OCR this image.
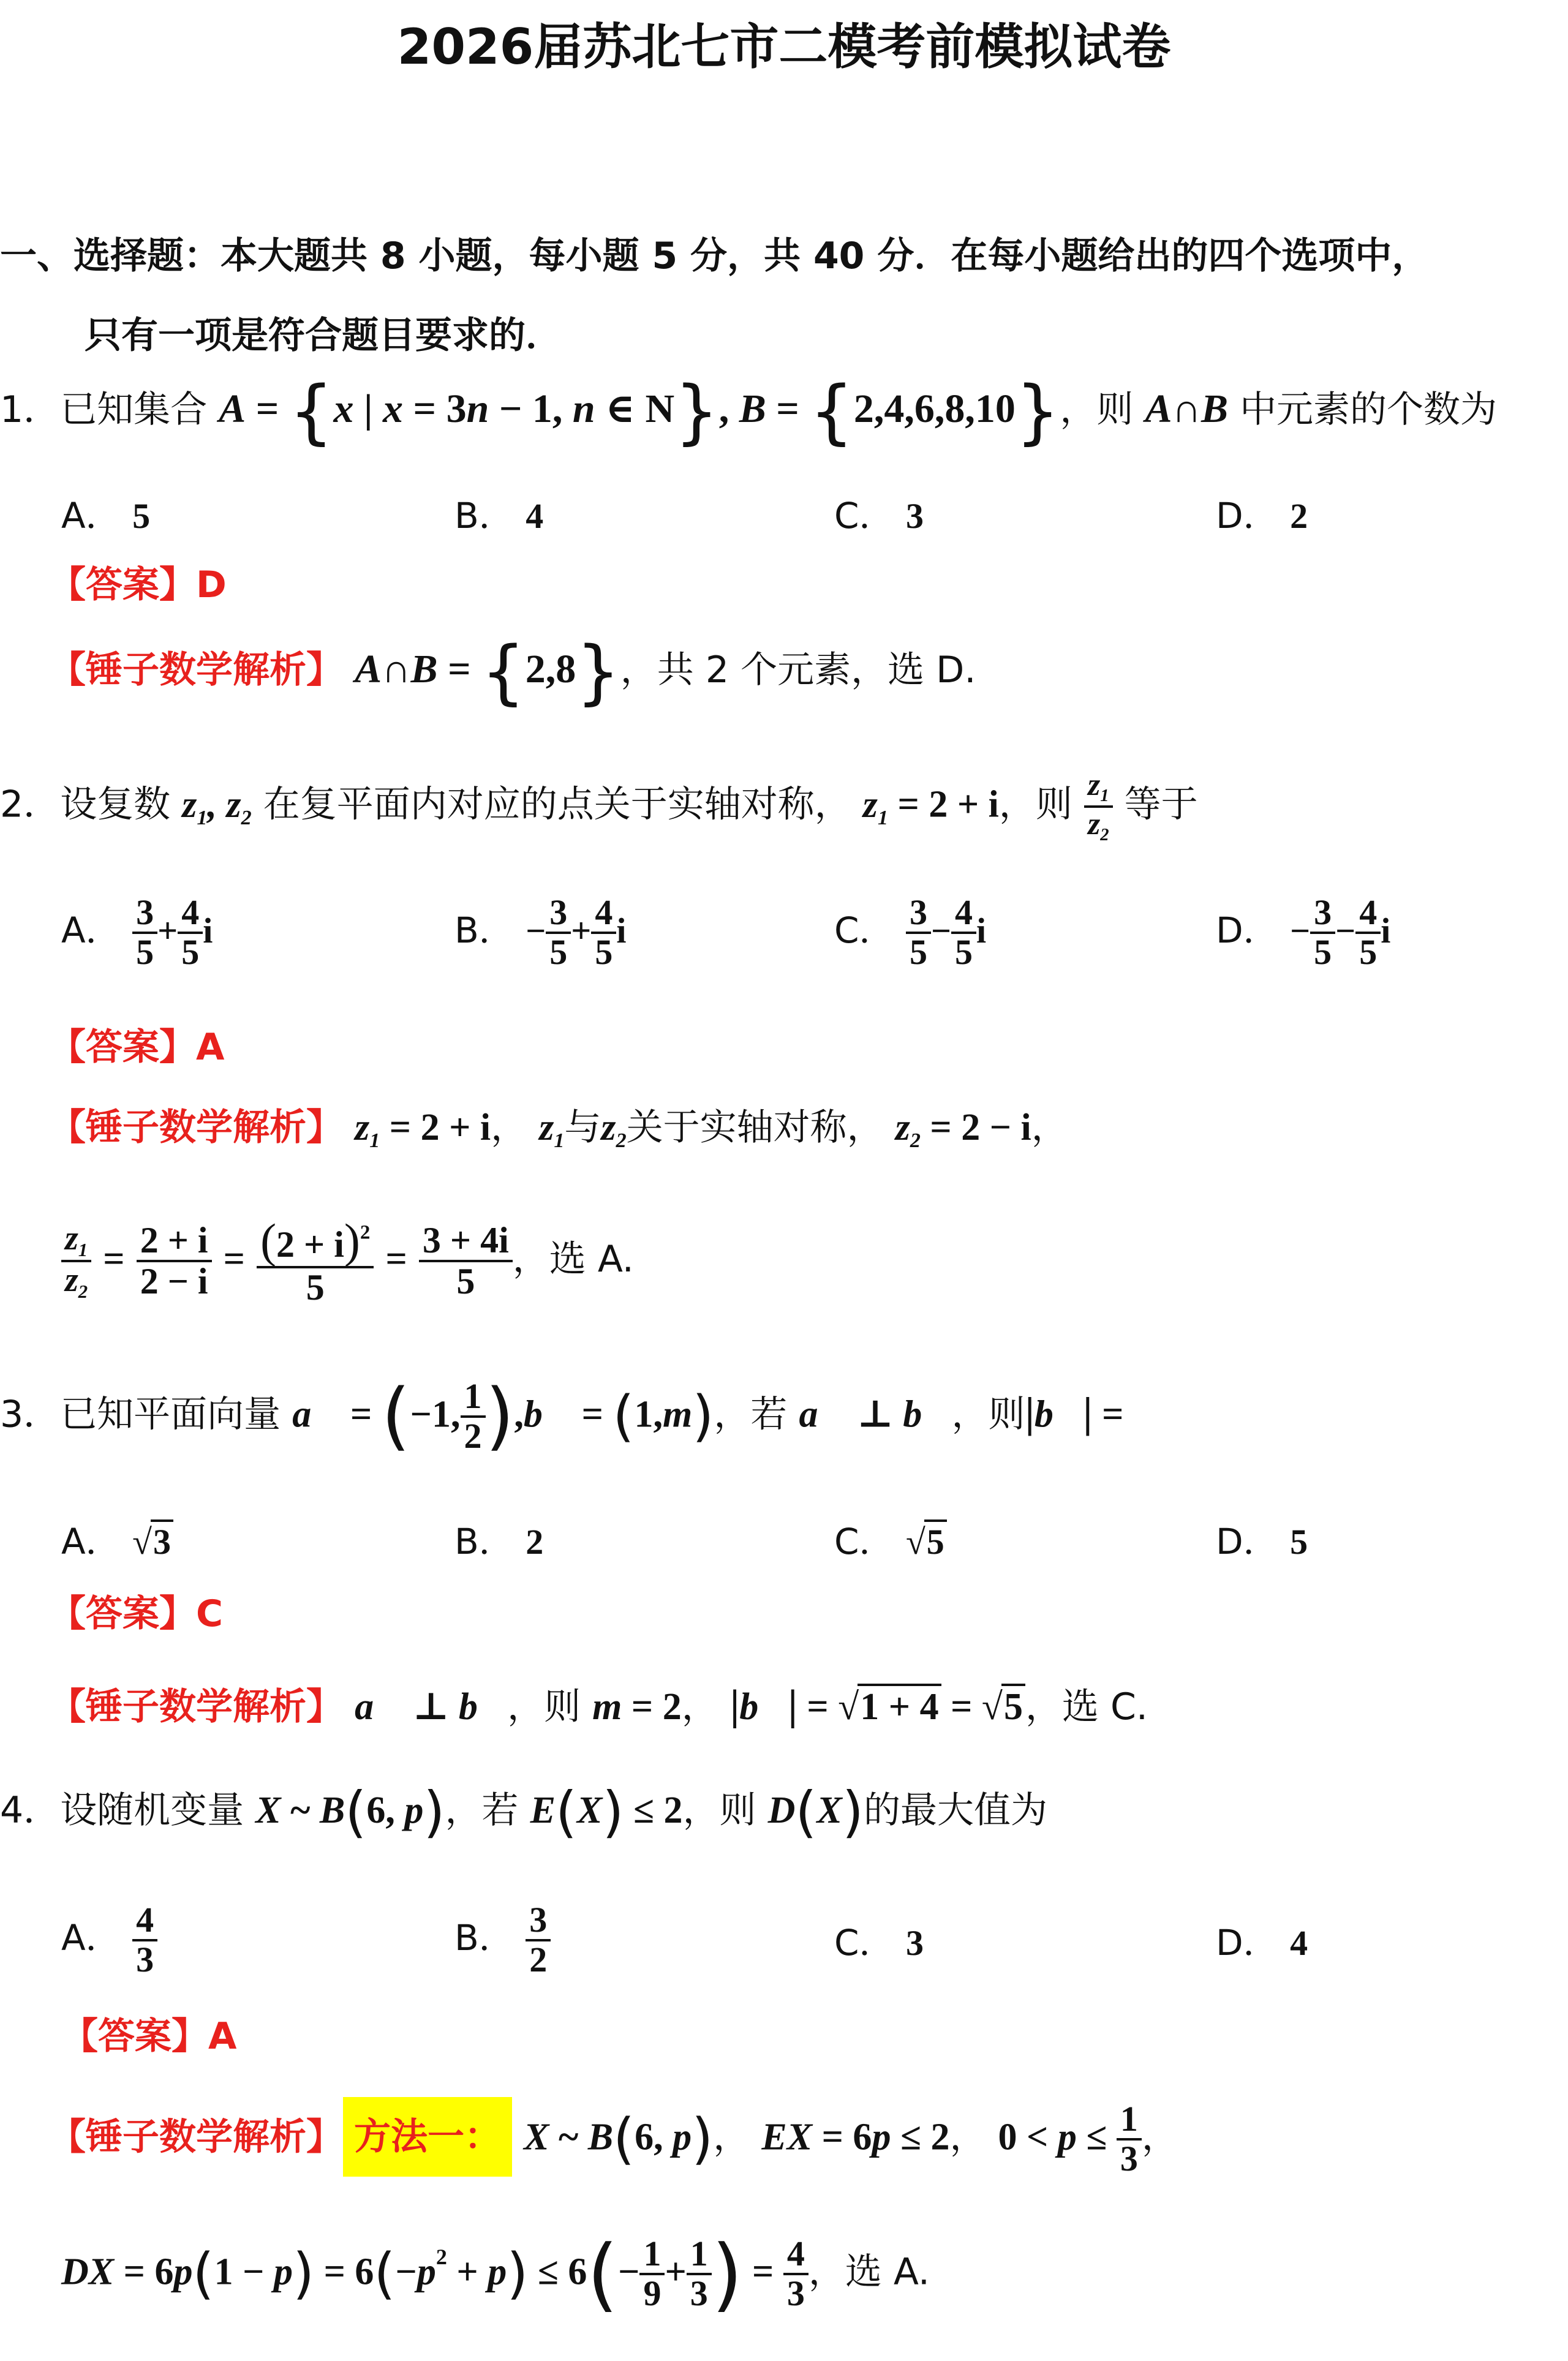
2026届苏北七市二模考前模拟试卷
一、选择题：本大题共 8 小题，每小题 5 分，共 40 分．在每小题给出的四个选项中，
只有一项是符合题目要求的．
1．已知集合 A = {x | x = 3n − 1, n ∈ N}, B = {2,4,6,8,10}，则 A∩B 中元素的个数为
A． 5	B． 4	C． 3	D． 2
【答案】D
【锤子数学解析】 A∩B = {2,8}，共 2 个元素，选 D.
2．设复数 $z_1$, $z_2$ 在复平面内对应的点关于实轴对称， $z_1 = 2 + i$，则 $\frac{z_1}{z_2}$ 等于
A． $\frac{3}{5} + \frac{4}{5}$ i	B． − $\frac{3}{5} + \frac{4}{5}$ i	C． $\frac{3}{5} - \frac{4}{5}$ i	D． − $\frac{3}{5} - \frac{4}{5}$ i
【答案】A
【锤子数学解析】 $z_1 = 2 + i$， $z_1$与$z_2$关于实轴对称， $z_2 = 2 - i$，
$\frac{z_1}{z_2} = \frac{2 + i}{2 - i} = \frac{(2 + i)^2}{5} = \frac{3 + 4i}{5}$ ，选 A.
3．已知平面向量 a⃗ = (−1, $\frac{1}{2}$ ),b⃗ = (1,m)，若 a⃗ ⊥ b⃗，则|b⃗| =
A． √3	B． 2	C． √5	D． 5
【答案】C
【锤子数学解析】 a⃗ ⊥ b⃗，则 m = 2， |b⃗| = √1 + 4 = √5，选 C.
4．设随机变量 X ~ B(6, p)，若 E(X) ≤ 2，则 D(X)的最大值为
A． $\frac{4}{3}$	B． $\frac{3}{2}$	C． 3	D． 4
【答案】A
【锤子数学解析】 方法一： X ~ B(6, p)， EX = 6p ≤ 2， $0 < p \le \frac{1}{3}$ ，
DX = $6p(1 - p) = 6(-p^2 + p) \le 6(- \frac{1}{9} + \frac{1}{3}$ ) = $\frac{4}{3}$ ，选 A.
